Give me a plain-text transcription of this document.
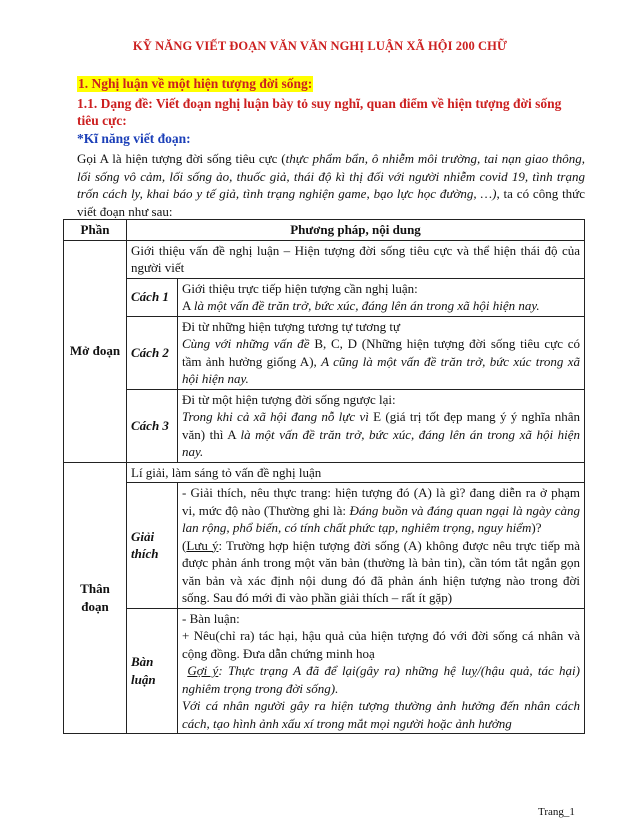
KỸ NĂNG VIẾT ĐOẠN VĂN VĂN NGHỊ LUẬN XÃ HỘI 200 CHỮ
1. Nghị luận về một hiện tượng đời sống:
1.1. Dạng đề: Viết đoạn nghị luận bày tỏ suy nghĩ, quan điểm về hiện tượng đời sống tiêu cực:
*Kĩ năng viết đoạn:
Gọi A là hiện tượng đời sống tiêu cực (thực phẩm bẩn, ô nhiễm môi trường, tai nạn giao thông, lối sống vô cảm, lối sống ảo, thuốc giả, thái độ kì thị đối với người nhiễm covid 19, tình trạng trốn cách ly, khai báo y tế giả, tình trạng nghiện game, bạo lực học đường, …), ta có công thức viết đoạn như sau:
Phần	Phương pháp, nội dung	
Mở đoạn	Giới thiệu vấn đề nghị luận – Hiện tượng đời sống tiêu cực và thể hiện thái độ của người viết	
	Cách 1	Giới thiệu trực tiếp hiện tượng cần nghị luận:
A là một vấn đề trăn trở, bức xúc, đáng lên án trong xã hội hiện nay.

	Cách 2	Đi từ những hiện tượng tương tự tương tự
Cùng với những vấn đề B, C, D (Những hiện tượng đời sống tiêu cực có tầm ảnh hưởng giống A), A cũng là một vấn đề trăn trở, bức xúc trong xã hội hiện nay.

	Cách 3	Đi từ một hiện tượng đời sống ngược lại:
Trong khi cả xã hội đang nỗ lực vì E (giá trị tốt đẹp mang ý ý nghĩa nhân văn) thì A là một vấn đề trăn trở, bức xúc, đáng lên án trong xã hội hiện nay.

Thân đoạn	Lí giải, làm sáng tỏ vấn đề nghị luận	
	Giải thích	- Giải thích, nêu thực trang: hiện tượng đó (A) là gì? đang diễn ra ở phạm vi, mức độ nào (Thường ghi là: Đáng buồn và đáng quan ngại là ngày càng lan rộng, phổ biến, có tính chất phức tạp, nghiêm trọng, nguy hiểm)?
(Lưu ý: Trường hợp hiện tượng đời sống (A) không được nêu trực tiếp mà được phản ánh trong một văn bản (thường là bản tin), cần tóm tắt ngắn gọn văn bản và xác định nội dung đó đã phản ánh hiện tượng nào trong đời sống. Sau đó mới đi vào phần giải thích – rất ít gặp)

	Bàn luận	- Bàn luận:
+ Nêu(chỉ ra) tác hại, hậu quả của hiện tượng đó với đời sống cá nhân và cộng đồng. Đưa dẫn chứng minh hoạ
Gợi ý: Thực trạng A đã để lại(gây ra) những hệ luỵ/(hậu quả, tác hại) nghiêm trọng trong đời sống).
Với cá nhân người gây ra hiện tượng thường ảnh hưởng đến nhân cách cách, tạo hình ảnh xấu xí trong mắt mọi người hoặc ảnh hưởng
Trang_1
